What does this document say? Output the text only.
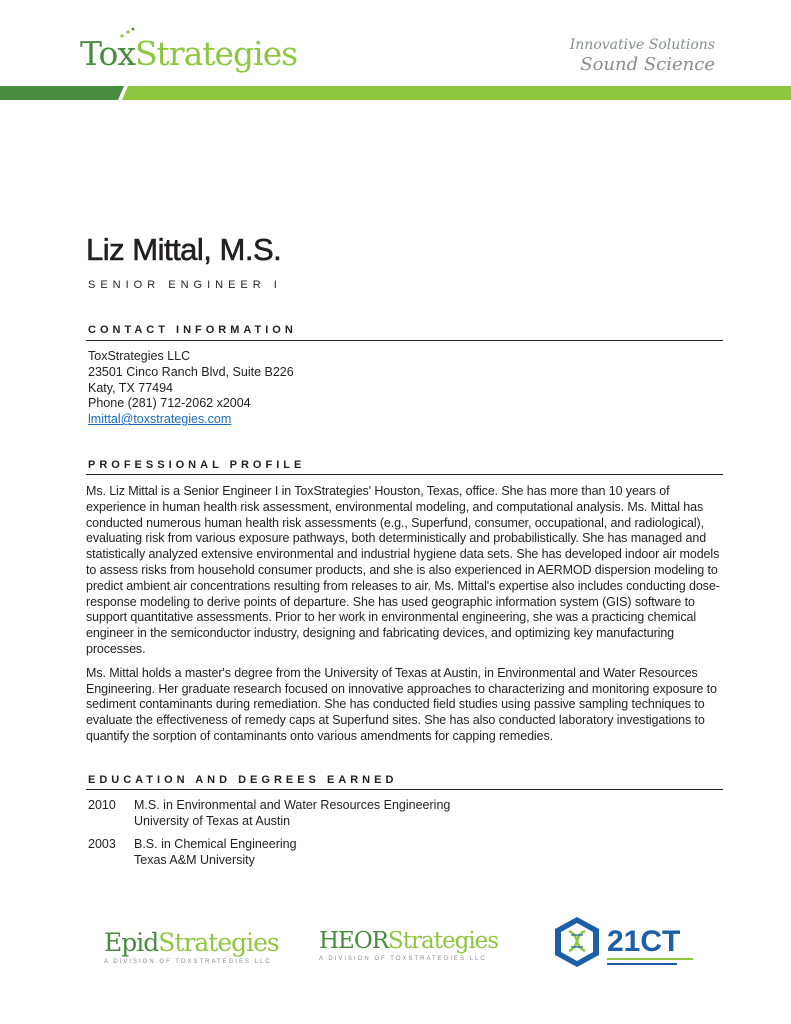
ToxStrategies	Innovative Solutions
Sound Science
Liz Mittal, M.S.
SENIOR ENGINEER I
CONTACT INFORMATION
ToxStrategies LLC
23501 Cinco Ranch Blvd, Suite B226
Katy, TX 77494
Phone (281) 712-2062 x2004
lmittal@toxstrategies.com
PROFESSIONAL PROFILE

Ms. Liz Mittal is a Senior Engineer I in ToxStrategies' Houston, Texas, office. She has more than 10 years of experience in human health risk assessment, environmental modeling, and computational analysis. Ms. Mittal has conducted numerous human health risk assessments (e.g., Superfund, consumer, occupational, and radiological), evaluating risk from various exposure pathways, both deterministically and probabilistically. She has managed and statistically analyzed extensive environmental and industrial hygiene data sets. She has developed indoor air models to assess risks from household consumer products, and she is also experienced in AERMOD dispersion modeling to predict ambient air concentrations resulting from releases to air. Ms. Mittal's expertise also includes conducting dose-response modeling to derive points of departure. She has used geographic information system (GIS) software to support quantitative assessments. Prior to her work in environmental engineering, she was a practicing chemical engineer in the semiconductor industry, designing and fabricating devices, and optimizing key manufacturing processes.

Ms. Mittal holds a master's degree from the University of Texas at Austin, in Environmental and Water Resources Engineering. Her graduate research focused on innovative approaches to characterizing and monitoring exposure to sediment contaminants during remediation. She has conducted field studies using passive sampling techniques to evaluate the effectiveness of remedy caps at Superfund sites. She has also conducted laboratory investigations to quantify the sorption of contaminants onto various amendments for capping remedies.

EDUCATION AND DEGREES EARNED
2010 M.S. in Environmental and Water Resources Engineering
University of Texas at Austin
2003 B.S. in Chemical Engineering
Texas A&M University
EpidStrategies
A DIVISION OF TOXSTRATEGIES LLC
HEORStrategies
A DIVISION OF TOXSTRATEGIES LLC
21CT
